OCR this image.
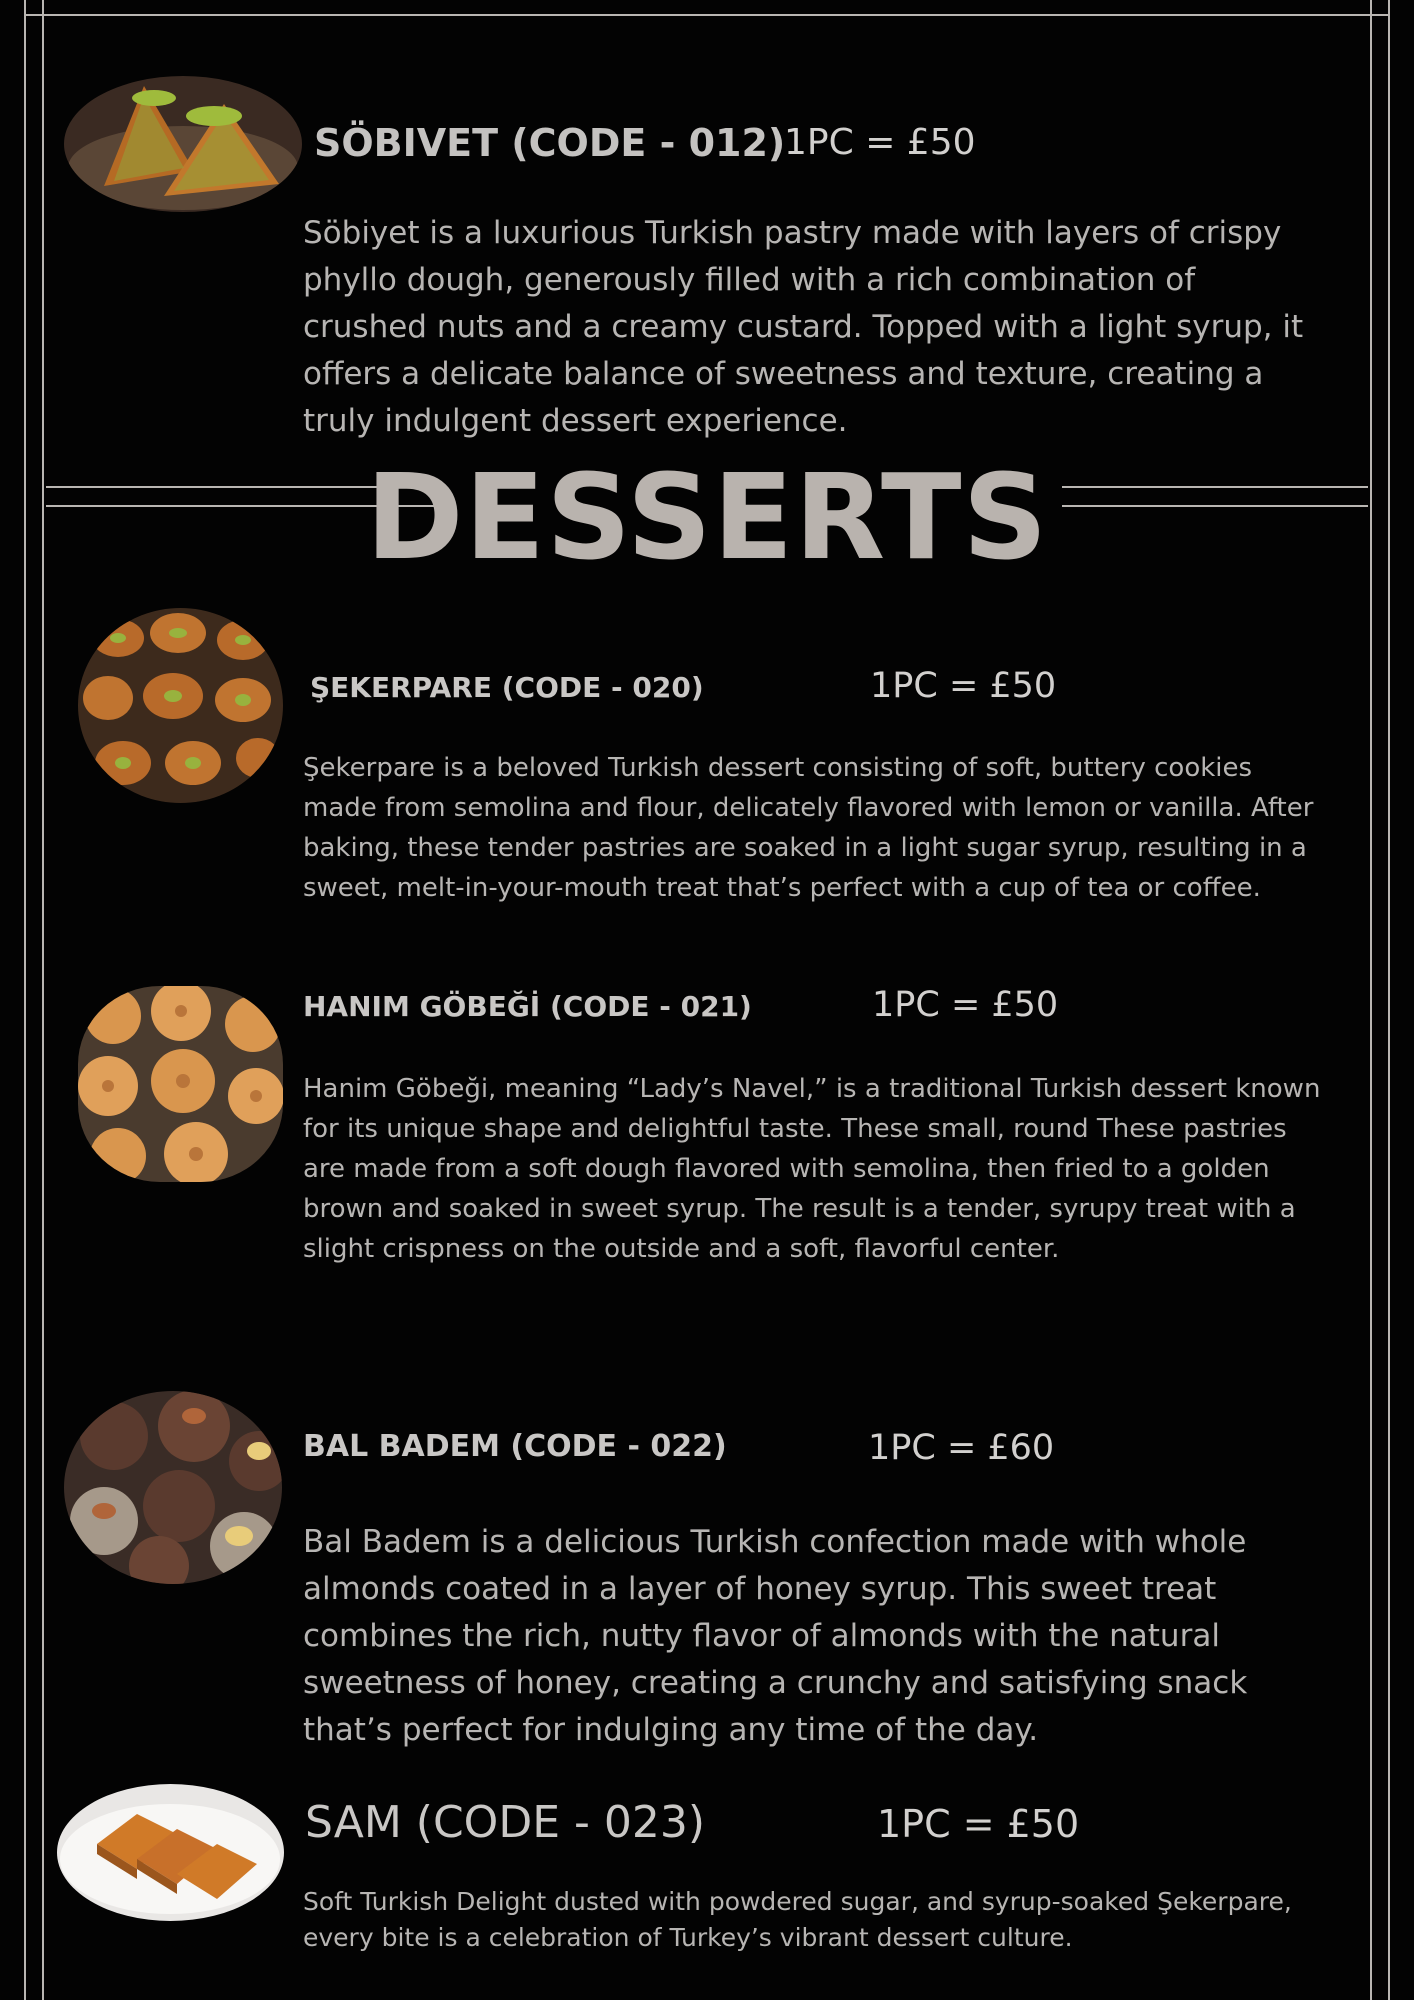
SÖBIVET (CODE - 012)
1PC = £50
Söbiyet is a luxurious Turkish pastry made with layers of crispy phyllo dough, generously filled with a rich combination of crushed nuts and a creamy custard. Topped with a light syrup, it offers a delicate balance of sweetness and texture, creating a truly indulgent dessert experience.
DESSERTS
ŞEKERPARE (CODE - 020)	1PC = £50
Şekerpare is a beloved Turkish dessert consisting of soft, buttery cookies made from semolina and flour, delicately flavored with lemon or vanilla. After baking, these tender pastries are soaked in a light sugar syrup, resulting in a sweet, melt-in-your-mouth treat that’s perfect with a cup of tea or coffee.
HANIM GÖBEĞİ (CODE - 021)	1PC = £50
Hanim Göbeği, meaning “Lady’s Navel,” is a traditional Turkish dessert known for its unique shape and delightful taste. These small, round These pastries are made from a soft dough flavored with semolina, then fried to a golden brown and soaked in sweet syrup. The result is a tender, syrupy treat with a slight crispness on the outside and a soft, flavorful center.
BAL BADEM (CODE - 022)	1PC = £60
Bal Badem is a delicious Turkish confection made with whole almonds coated in a layer of honey syrup. This sweet treat combines the rich, nutty flavor of almonds with the natural sweetness of honey, creating a crunchy and satisfying snack that’s perfect for indulging any time of the day.
SAM (CODE - 023)	1PC = £50
Soft Turkish Delight dusted with powdered sugar, and syrup-soaked Şekerpare, every bite is a celebration of Turkey’s vibrant dessert culture.
